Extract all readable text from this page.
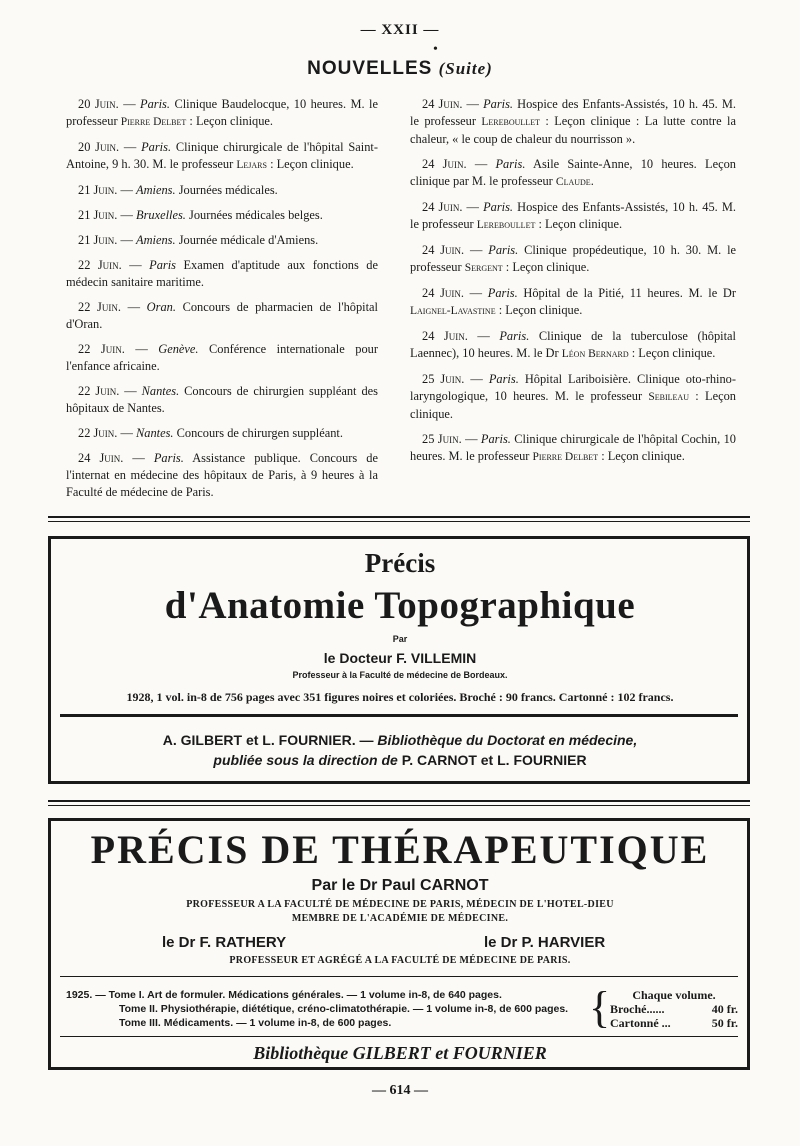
— XXII —
•
NOUVELLES (Suite)

20 Juin. — Paris. Clinique Baudelocque, 10 heures. M. le professeur Pierre Delbet : Leçon clinique.

20 Juin. — Paris. Clinique chirurgicale de l'hôpital Saint-Antoine, 9 h. 30. M. le professeur Lejars : Leçon clinique.

21 Juin. — Amiens. Journées médicales.

21 Juin. — Bruxelles. Journées médicales belges.

21 Juin. — Amiens. Journée médicale d'Amiens.

22 Juin. — Paris Examen d'aptitude aux fonctions de médecin sanitaire maritime.

22 Juin. — Oran. Concours de pharmacien de l'hôpital d'Oran.

22 Juin. — Genève. Conférence internationale pour l'enfance africaine.

22 Juin. — Nantes. Concours de chirurgien suppléant des hôpitaux de Nantes.

22 Juin. — Nantes. Concours de chirurgen suppléant.

24 Juin. — Paris. Assistance publique. Concours de l'internat en médecine des hôpitaux de Paris, à 9 heures à la Faculté de médecine de Paris.

24 Juin. — Paris. Hospice des Enfants-Assistés, 10 h. 45. M. le professeur Lereboullet : Leçon clinique : La lutte contre la chaleur, « le coup de chaleur du nourrisson ».

24 Juin. — Paris. Asile Sainte-Anne, 10 heures. Leçon clinique par M. le professeur Claude.

24 Juin. — Paris. Hospice des Enfants-Assistés, 10 h. 45. M. le professeur Lereboullet : Leçon clinique.

24 Juin. — Paris. Clinique propédeutique, 10 h. 30. M. le professeur Sergent : Leçon clinique.

24 Juin. — Paris. Hôpital de la Pitié, 11 heures. M. le Dr Laignel-Lavastine : Leçon clinique.

24 Juin. — Paris. Clinique de la tuberculose (hôpital Laennec), 10 heures. M. le Dr Léon Bernard : Leçon clinique.

25 Juin. — Paris. Hôpital Lariboisière. Clinique oto-rhino-laryngologique, 10 heures. M. le professeur Sebileau : Leçon clinique.

25 Juin. — Paris. Clinique chirurgicale de l'hôpital Cochin, 10 heures. M. le professeur Pierre Delbet : Leçon clinique.

Précis
d'Anatomie Topographique
Par
le Docteur F. VILLEMIN
Professeur à la Faculté de médecine de Bordeaux.
1928, 1 vol. in-8 de 756 pages avec 351 figures noires et coloriées. Broché : 90 francs. Cartonné : 102 francs.
A. GILBERT et L. FOURNIER. — Bibliothèque du Doctorat en médecine,
publiée sous la direction de P. CARNOT et L. FOURNIER
PRÉCIS DE THÉRAPEUTIQUE
Par le Dr Paul CARNOT
PROFESSEUR A LA FACULTÉ DE MÉDECINE DE PARIS, MÉDECIN DE L'HOTEL-DIEU
MEMBRE DE L'ACADÉMIE DE MÉDECINE.
le Dr F. RATHERY	le Dr P. HARVIER
PROFESSEUR ET AGRÉGÉ A LA FACULTÉ DE MÉDECINE DE PARIS.
1925. — Tome I. Art de formuler. Médications générales. — 1 volume in-8, de 640 pages.
Tome II. Physiothérapie, diététique, créno-climatothérapie. — 1 volume in-8, de 600 pages.
Tome III. Médicaments. — 1 volume in-8, de 600 pages.	{	Chaque volume.
Broché......	40 fr.
Cartonné ...	50 fr.
Bibliothèque GILBERT et FOURNIER
— 614 —
